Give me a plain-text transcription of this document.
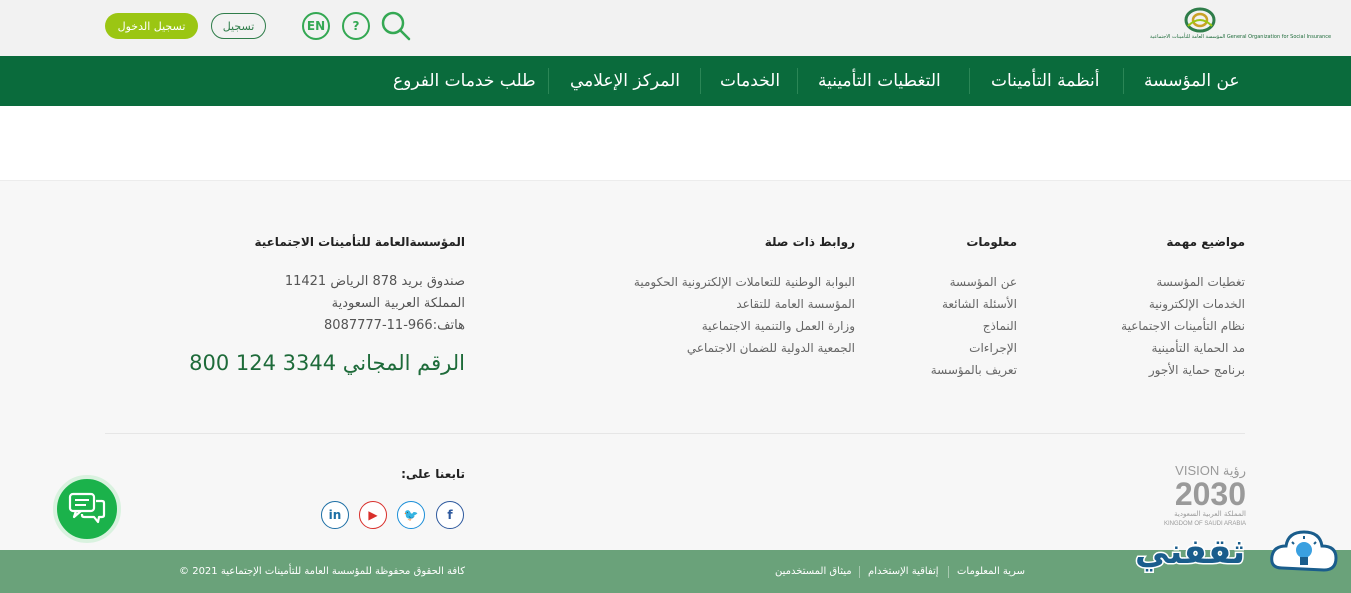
المؤسسة العامة للتأمينات الاجتماعية General Organization for Social Insurance
تسجيل الدخول	تسجيل	EN	?
عن المؤسسة
أنظمة التأمينات
التغطيات التأمينية
الخدمات
المركز الإعلامي
طلب خدمات الفروع
مواضيع مهمة
تغطيات المؤسسة
الخدمات الإلكترونية
نظام التأمينات الاجتماعية
مد الحماية التأمينية
برنامج حماية الأجور
معلومات
عن المؤسسة
الأسئلة الشائعة
النماذج
الإجراءات
تعريف بالمؤسسة
روابط ذات صلة
البوابة الوطنية للتعاملات الإلكترونية الحكومية
المؤسسة العامة للتقاعد
وزارة العمل والتنمية الاجتماعية
الجمعية الدولية للضمان الاجتماعي
المؤسسةالعامة للتأمينات الاجتماعية
صندوق بريد 878 الرياض 11421
المملكة العربية السعودية
هاتف:966-11-8087777
الرقم المجاني 3344 124 800
تابعنا على:
in	▶	🐦	f
VISION رؤية
2030
المملكة العربية السعودية
KINGDOM OF SAUDI ARABIA
سرية المعلومات
إتفاقية الإستخدام
ميثاق المستخدمين
كافة الحقوق محفوظة للمؤسسة العامة للتأمينات الإجتماعية 2021 ©	ثقفني
